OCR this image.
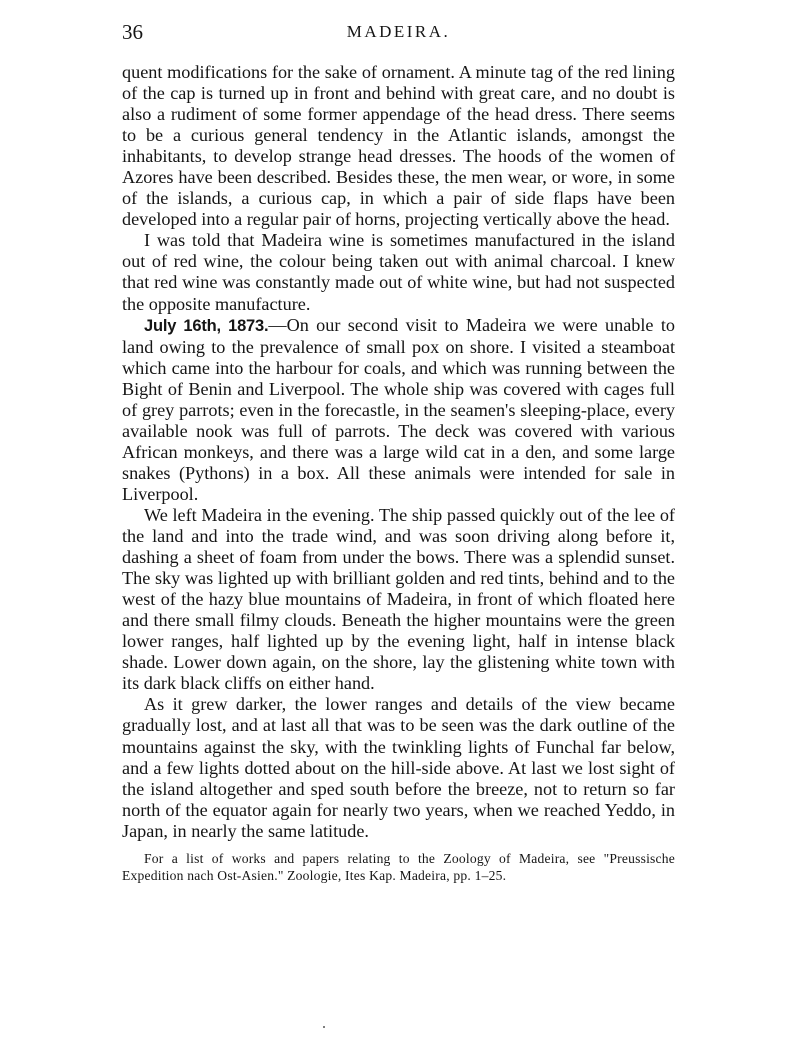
36	MADEIRA.

quent modifications for the sake of ornament. A minute tag of the red lining of the cap is turned up in front and behind with great care, and no doubt is also a rudiment of some former appendage of the head dress. There seems to be a curious general tendency in the Atlantic islands, amongst the inhabitants, to develop strange head dresses. The hoods of the women of Azores have been described. Besides these, the men wear, or wore, in some of the islands, a curious cap, in which a pair of side flaps have been developed into a regular pair of horns, projecting vertically above the head.

I was told that Madeira wine is sometimes manufactured in the island out of red wine, the colour being taken out with animal charcoal. I knew that red wine was constantly made out of white wine, but had not suspected the opposite manufacture.

July 16th, 1873.—On our second visit to Madeira we were unable to land owing to the prevalence of small pox on shore. I visited a steamboat which came into the harbour for coals, and which was running between the Bight of Benin and Liverpool. The whole ship was covered with cages full of grey parrots; even in the forecastle, in the seamen's sleeping-place, every available nook was full of parrots. The deck was covered with various African monkeys, and there was a large wild cat in a den, and some large snakes (Pythons) in a box. All these animals were intended for sale in Liverpool.

We left Madeira in the evening. The ship passed quickly out of the lee of the land and into the trade wind, and was soon driving along before it, dashing a sheet of foam from under the bows. There was a splendid sunset. The sky was lighted up with brilliant golden and red tints, behind and to the west of the hazy blue mountains of Madeira, in front of which floated here and there small filmy clouds. Beneath the higher mountains were the green lower ranges, half lighted up by the evening light, half in intense black shade. Lower down again, on the shore, lay the glistening white town with its dark black cliffs on either hand.

As it grew darker, the lower ranges and details of the view became gradually lost, and at last all that was to be seen was the dark outline of the mountains against the sky, with the twinkling lights of Funchal far below, and a few lights dotted about on the hill-side above. At last we lost sight of the island altogether and sped south before the breeze, not to return so far north of the equator again for nearly two years, when we reached Yeddo, in Japan, in nearly the same latitude.

For a list of works and papers relating to the Zoology of Madeira, see "Preussische Expedition nach Ost-Asien." Zoologie, Ites Kap. Madeira, pp. 1–25.
